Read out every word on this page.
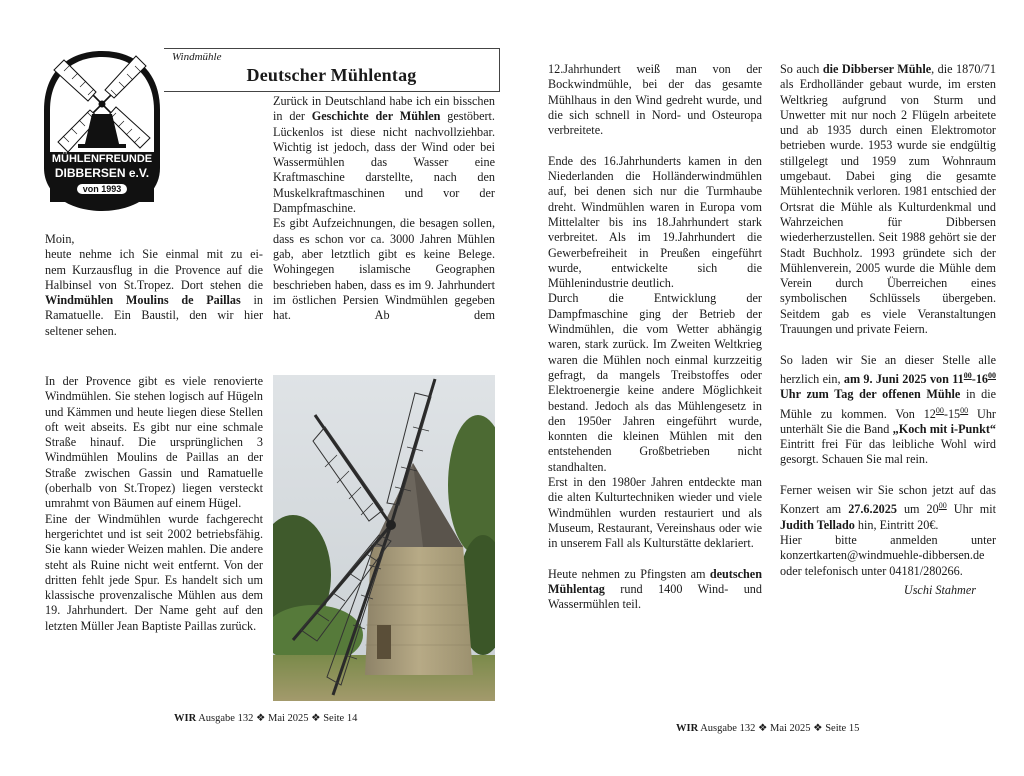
MÜHLENFREUNDE
DIBBERSEN e.V.
von 1993
Windmühle
Deutscher Mühlentag

Moin,

heute nehme ich Sie einmal mit zu ei-

nem Kurzausflug in die Provence auf die

Halbinsel von St.Tropez. Dort stehen die

Windmühlen Moulins de Paillas in

Ramatuelle. Ein Baustil, den wir hier

seltener sehen.

In der Provence gibt es viele renovierte Windmühlen. Sie stehen logisch auf Hügeln und Kämmen und heute liegen diese Stellen oft weit abseits. Es gibt nur eine schmale Straße hinauf. Die ursprünglichen 3 Windmühlen Moulins de Paillas an der Straße zwischen Gassin und Ramatuelle (oberhalb von St.Tropez) liegen versteckt umrahmt von Bäumen auf einem Hügel.

Eine der Windmühlen wurde fachgerecht hergerichtet und ist seit 2002 betriebsfähig. Sie kann wieder Weizen mahlen. Die andere steht als Ruine nicht weit entfernt. Von der dritten fehlt jede Spur. Es handelt sich um klassische provenzalische Mühlen aus dem 19. Jahrhundert. Der Name geht auf den letzten Müller Jean Baptiste Paillas zurück.

Zurück in Deutschland habe ich ein bisschen in der Geschichte der Mühlen gestöbert. Lückenlos ist diese nicht nachvollziehbar. Wichtig ist jedoch, dass der Wind oder bei Wassermühlen das Wasser eine Kraftmaschine darstellte, nach den Muskelkraftmaschinen und vor der Dampfmaschine.

Es gibt Aufzeichnungen, die besagen sollen, dass es schon vor ca. 3000 Jahren Mühlen gab, aber letztlich gibt es keine Belege. Wohingegen islamische Geographen beschrieben haben, dass es im 9. Jahrhundert im östlichen Persien Windmühlen gegeben hat. Ab dem

WIR Ausgabe 132 ❖ Mai 2025 ❖ Seite 14

12.Jahrhundert weiß man von der Bockwindmühle, bei der das gesamte Mühlhaus in den Wind gedreht wurde, und die sich schnell in Nord- und Osteuropa verbreitete.

Ende des 16.Jahrhunderts kamen in den Niederlanden die Holländerwindmühlen auf, bei denen sich nur die Turmhaube dreht. Windmühlen waren in Europa vom Mittelalter bis ins 18.Jahrhundert stark verbreitet. Als im 19.Jahrhundert die Gewerbefreiheit in Preußen eingeführt wurde, entwickelte sich die Mühlenindustrie deutlich.

Durch die Entwicklung der Dampfmaschine ging der Betrieb der Windmühlen, die vom Wetter abhängig waren, stark zurück. Im Zweiten Weltkrieg waren die Mühlen noch einmal kurzzeitig gefragt, da mangels Treibstoffes oder Elektroenergie keine andere Möglichkeit bestand. Jedoch als das Mühlengesetz in den 1950er Jahren eingeführt wurde, konnten die kleinen Mühlen mit den entstehenden Großbetrieben nicht standhalten.

Erst in den 1980er Jahren entdeckte man die alten Kulturtechniken wieder und viele Windmühlen wurden restauriert und als Museum, Restaurant, Vereinshaus oder wie in unserem Fall als Kulturstätte deklariert.

Heute nehmen zu Pfingsten am deutschen Mühlentag rund 1400 Wind- und Wassermühlen teil.

So auch die Dibberser Mühle, die 1870/71 als Erdholländer gebaut wurde, im ersten Weltkrieg aufgrund von Sturm und Unwetter mit nur noch 2 Flügeln arbeitete und ab 1935 durch einen Elektromotor betrieben wurde. 1953 wurde sie endgültig stillgelegt und 1959 zum Wohnraum umgebaut. Dabei ging die gesamte Mühlentechnik verloren. 1981 entschied der Ortsrat die Mühle als Kulturdenkmal und Wahrzeichen für Dibbersen wiederherzustellen. Seit 1988 gehört sie der Stadt Buchholz. 1993 gründete sich der Mühlenverein, 2005 wurde die Mühle dem Verein durch Überreichen eines symbolischen Schlüssels übergeben. Seitdem gab es viele Veranstaltungen Trauungen und private Feiern.

So laden wir Sie an dieser Stelle alle herzlich ein, am 9. Juni 2025 von $11^{00}-16^{00}$ Uhr zum Tag der offenen Mühle in die Mühle zu kommen. Von $12^{00}-15^{00}$ Uhr unterhält Sie die Band „Koch mit i-Punkt“ Eintritt frei Für das leibliche Wohl wird gesorgt. Schauen Sie mal rein.

Ferner weisen wir Sie schon jetzt auf das Konzert am 27.6.2025 um $20^{00}$ Uhr mit Judith Tellado hin, Eintritt 20€.

Hier bitte anmelden unter konzertkarten@windmuehle-dibbersen.de oder telefonisch unter 04181/280266.

Uschi Stahmer

WIR Ausgabe 132 ❖ Mai 2025 ❖ Seite 15
